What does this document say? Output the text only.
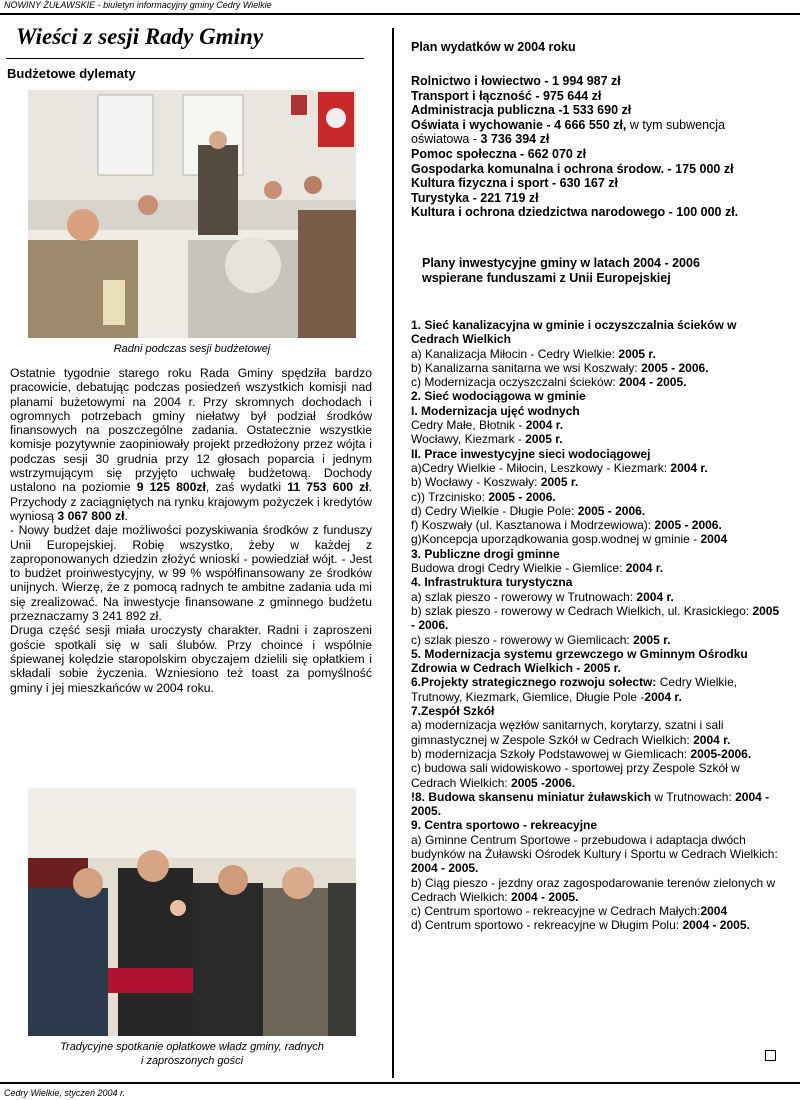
NOWINY ŻUŁAWSKIE - biuletyn informacyjny gminy Cedry Wielkie
Wieści z sesji Rady Gminy
Budżetowe dylematy
Radni podczas sesji budżetowej

Ostatnie tygodnie starego roku Rada Gminy spędziła bardzo pracowicie, debatując podczas posiedzeń wszystkich komisji nad planami bużetowymi na 2004 r. Przy skromnych dochodach i ogromnych potrzebach gminy niełatwy był podział środków finansowych na poszczególne zadania. Ostatecznie wszystkie komisje pozytywnie zaopiniowały projekt przedłożony przez wójta i podczas sesji 30 grudnia przy 12 głosach poparcia i jednym wstrzymującym się przyjęto uchwałę budżetową. Dochody ustalono na poziomie 9 125 800zł, zaś wydatki 11 753 600 zł. Przychody z zaciągniętych na rynku krajowym pożyczek i kredytów wyniosą 3 067 800 zł.

- Nowy budżet daje możliwości pozyskiwania środków z funduszy Unii Europejskiej. Robię wszystko, żeby w każdej z zaproponowanych dziedzin złożyć wnioski - powiedział wójt. - Jest to budżet proinwestycyjny, w 99 % współfinansowany ze środków unijnych. Wierzę, że z pomocą radnych te ambitne zadania uda mi się zrealizować. Na inwestycje finansowane z gminnego budżetu przeznaczamy 3 241 892 zł.

Druga część sesji miała uroczysty charakter. Radni i zaproszeni goście spotkali się w sali ślubów. Przy choince i wspólnie śpiewanej kolędzie staropolskim obyczajem dzielili się opłatkiem i składali sobie życzenia. Wzniesiono też toast za pomyślność gminy i jej mieszkańców w 2004 roku.

Tradycyjne spotkanie opłatkowe władz gminy, radnych
i zaproszonych gości
Plan wydatków w 2004 roku
Rolnictwo i łowiectwo - 1 994 987 zł
Transport i łączność - 975 644 zł
Administracja publiczna -1 533 690 zł
Oświata i wychowanie - 4 666 550 zł, w tym subwencja oświatowa - 3 736 394 zł
Pomoc społeczna - 662 070 zł
Gospodarka komunalna i ochrona środow. - 175 000 zł
Kultura fizyczna i sport - 630 167 zł
Turystyka - 221 719 zł
Kultura i ochrona dziedzictwa narodowego - 100 000 zł.
Plany inwestycyjne gminy w latach 2004 - 2006
wspierane funduszami z Unii Europejskiej
1. Sieć kanalizacyjna w gminie i oczyszczalnia ścieków w Cedrach Wielkich
a) Kanalizacja Miłocin - Cedry Wielkie: 2005 r.
b) Kanalizarna sanitarna we wsi Koszwały: 2005 - 2006.
c) Modernizacja oczyszczalni ścieków: 2004 - 2005.
2. Sieć wodociągowa w gminie
I. Modernizacja ujęć wodnych
Cedry Małe, Błotnik - 2004 r.
Wocławy, Kiezmark - 2005 r.
II. Prace inwestycyjne sieci wodociągowej
a)Cedry Wielkie - Miłocin, Leszkowy - Kiezmark: 2004 r.
b) Wocławy - Koszwały: 2005 r.
c)) Trzcinisko: 2005 - 2006.
d) Cedry Wielkie - Długie Pole: 2005 - 2006.
f) Koszwały (ul. Kasztanowa i Modrzewiowa): 2005 - 2006.
g)Koncepcja uporządkowania gosp.wodnej w gminie - 2004
3. Publiczne drogi gminne
Budowa drogi Cedry Wielkie - Giemlice: 2004 r.
4. Infrastruktura turystyczna
a) szlak pieszo - rowerowy w Trutnowach: 2004 r.
b) szlak pieszo - rowerowy w Cedrach Wielkich, ul. Krasickiego: 2005 - 2006.
c) szlak pieszo - rowerowy w Giemlicach: 2005 r.
5. Modernizacja systemu grzewczego w Gminnym Ośrodku Zdrowia w Cedrach Wielkich - 2005 r.
6.Projekty strategicznego rozwoju sołectw: Cedry Wielkie, Trutnowy, Kiezmark, Giemlice, Długie Pole -2004 r.
7.Zespół Szkół
a) modernizacja węzłów sanitarnych, korytarzy, szatni i sali gimnastycznej w Zespole Szkół w Cedrach Wielkich: 2004 r.
b) modernizacja Szkoły Podstawowej w Giemlicach: 2005-2006.
c) budowa sali widowiskowo - sportowej przy Zespole Szkół w Cedrach Wielkich: 2005 -2006.
!8. Budowa skansenu miniatur żuławskich w Trutnowach: 2004 - 2005.
9. Centra sportowo - rekreacyjne
a) Gminne Centrum Sportowe - przebudowa i adaptacja dwóch budynków na Żuławski Ośrodek Kultury i Sportu w Cedrach Wielkich: 2004 - 2005.
b) Ciąg pieszo - jezdny oraz zagospodarowanie terenów zielonych w Cedrach Wielkich: 2004 - 2005.
c) Centrum sportowo - rekreacyjne w Cedrach Małych:2004
d) Centrum sportowo - rekreacyjne w Długim Polu: 2004 - 2005.
Cedry Wielkie, styczeń 2004 r.
